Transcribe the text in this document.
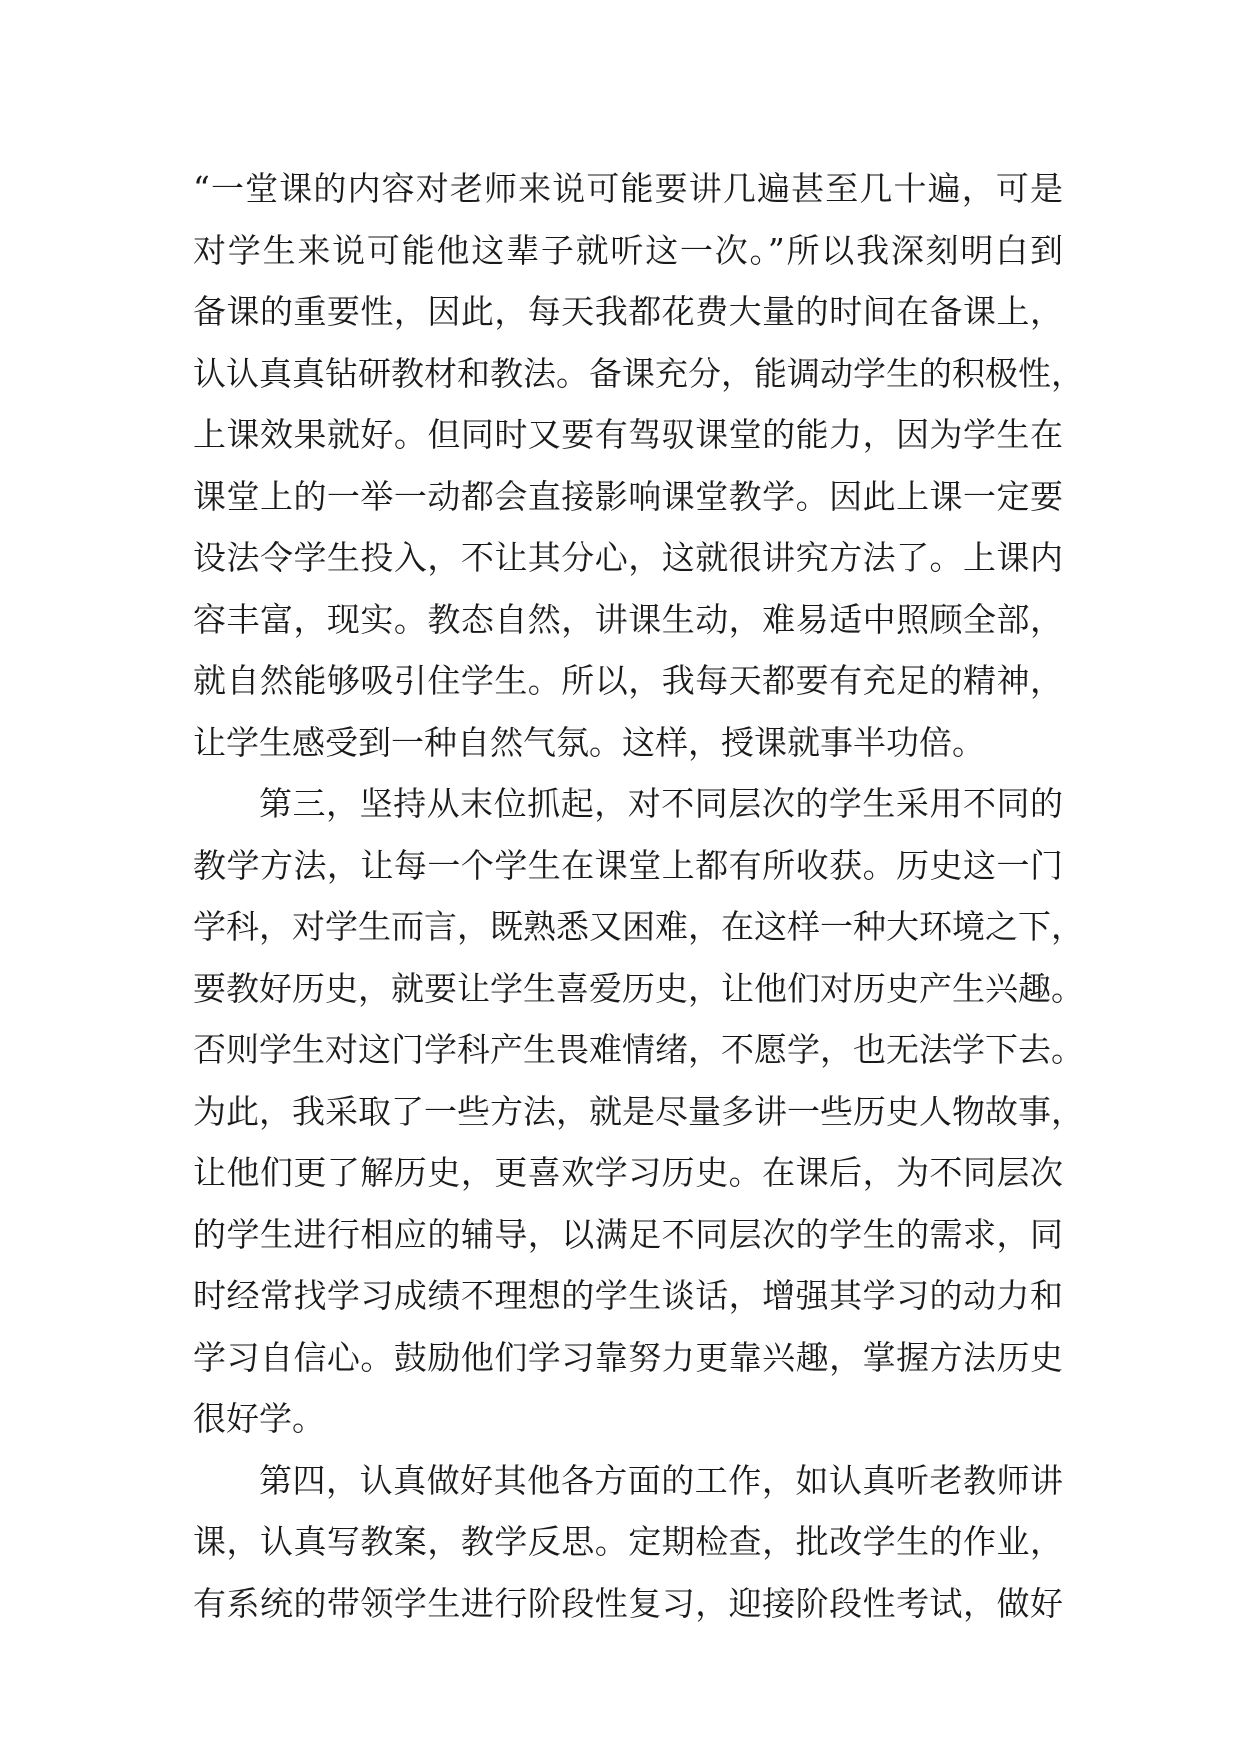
“一堂课的内容对老师来说可能要讲几遍甚至几十遍，可是
对学生来说可能他这辈子就听这一次。”所以我深刻明白到
备课的重要性，因此，每天我都花费大量的时间在备课上，
认认真真钻研教材和教法。备课充分，能调动学生的积极性，
上课效果就好。但同时又要有驾驭课堂的能力，因为学生在
课堂上的一举一动都会直接影响课堂教学。因此上课一定要
设法令学生投入，不让其分心，这就很讲究方法了。上课内
容丰富，现实。教态自然，讲课生动，难易适中照顾全部，
就自然能够吸引住学生。所以，我每天都要有充足的精神，
让学生感受到一种自然气氛。这样，授课就事半功倍。
第三，坚持从末位抓起，对不同层次的学生采用不同的
教学方法，让每一个学生在课堂上都有所收获。历史这一门
学科，对学生而言，既熟悉又困难，在这样一种大环境之下，
要教好历史，就要让学生喜爱历史，让他们对历史产生兴趣。
否则学生对这门学科产生畏难情绪，不愿学，也无法学下去。
为此，我采取了一些方法，就是尽量多讲一些历史人物故事，
让他们更了解历史，更喜欢学习历史。在课后，为不同层次
的学生进行相应的辅导，以满足不同层次的学生的需求，同
时经常找学习成绩不理想的学生谈话，增强其学习的动力和
学习自信心。鼓励他们学习靠努力更靠兴趣，掌握方法历史
很好学。
第四，认真做好其他各方面的工作，如认真听老教师讲
课，认真写教案，教学反思。定期检查，批改学生的作业，
有系统的带领学生进行阶段性复习，迎接阶段性考试，做好
